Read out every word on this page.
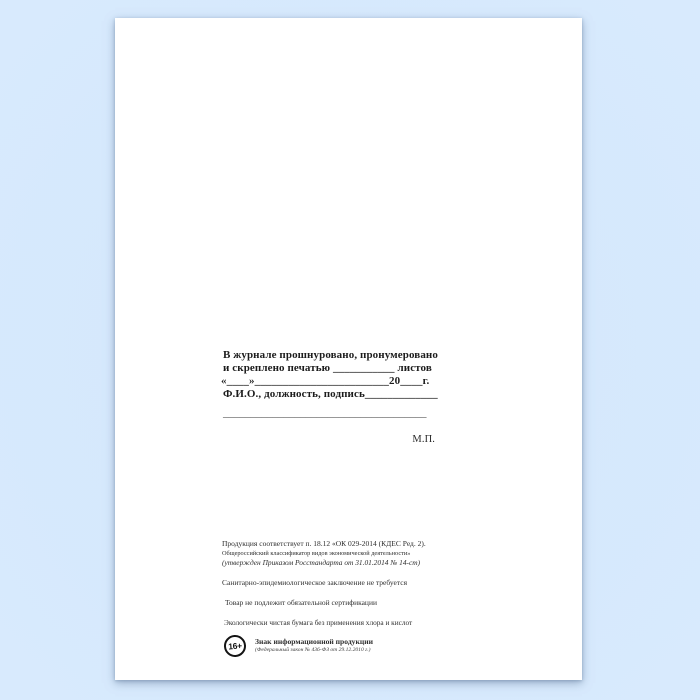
В журнале прошнуровано, пронумеровано
и скреплено печатью ___________ листов
«____»________________________20____г.
Ф.И.О., должность, подпись_____________
_____________________________________
М.П.
Продукция соответствует п. 18.12 «ОК 029-2014 (КДЕС Ред. 2).
Общероссийский классификатор видов экономической деятельности»
(утвержден Приказом Росстандарта от 31.01.2014 № 14-ст)
Санитарно-эпидемиологическое заключение не требуется
Товар не подлежит обязательной сертификации
Экологически чистая бумага без применения хлора и кислот
16+	Знак информационной продукции
(Федеральный закон № 436-ФЗ от 29.12.2010 г.)
